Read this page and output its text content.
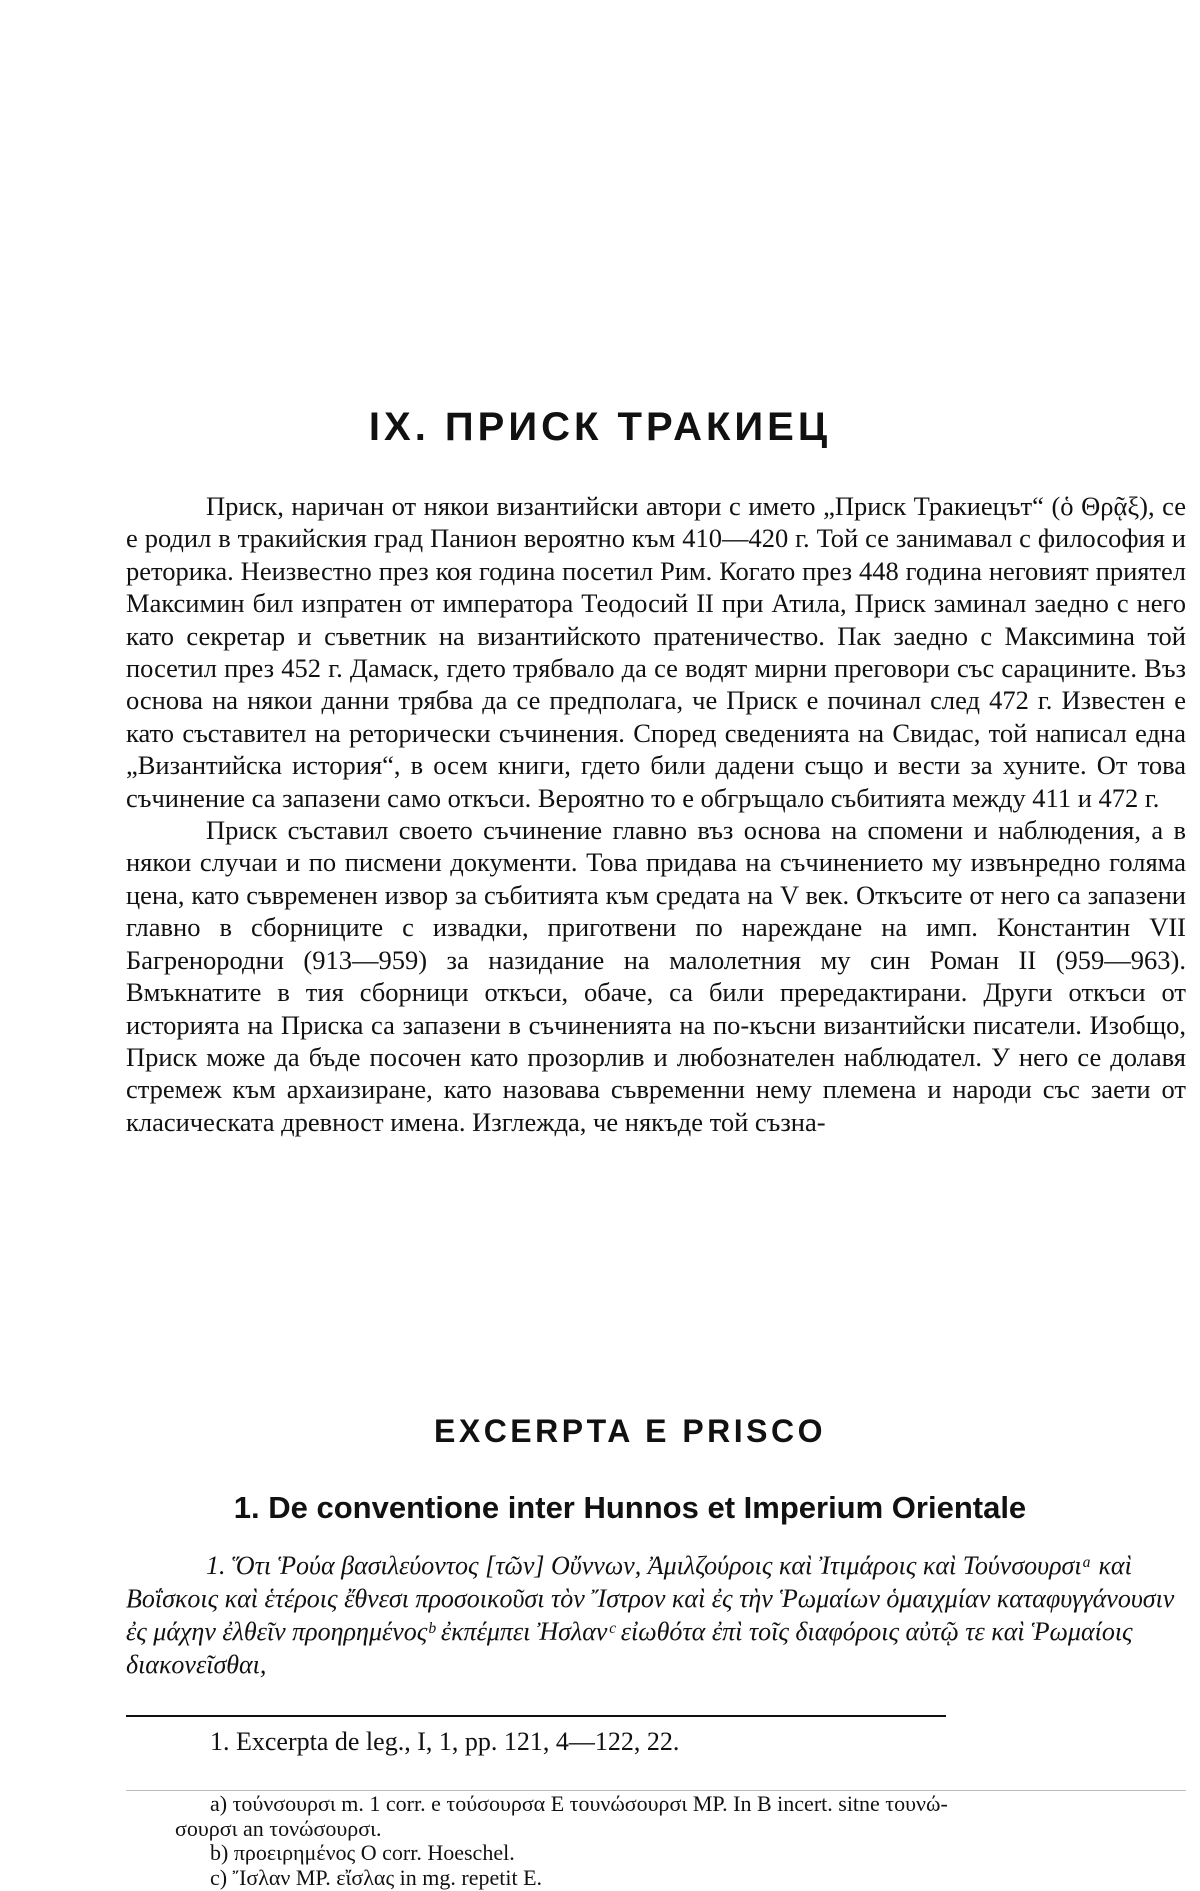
IX. ПРИСК ТРАКИЕЦ

Приск, наричан от някои византийски автори с името „Приск Тракиецът“ (ὁ Θρᾷξ), се е родил в тракийския град Панион вероятно към 410—420 г. Той се занимавал с философия и реторика. Неизвестно през коя година посетил Рим. Когато през 448 година неговият приятел Максимин бил изпратен от императора Теодосий II при Атила, Приск заминал заедно с него като секретар и съветник на византийското пратеничество. Пак заедно с Максимина той посетил през 452 г. Дамаск, гдето трябвало да се водят мирни преговори със сарацините. Въз основа на някои данни трябва да се предполага, че Приск е починал след 472 г. Известен е като съставител на реторически съчинения. Според сведенията на Свидас, той написал една „Византийска история“, в осем книги, гдето били дадени също и вести за хуните. От това съчинение са запазени само откъси. Вероятно то е обгръщало събитията между 411 и 472 г.

Приск съставил своето съчинение главно въз основа на спомени и наблюдения, а в някои случаи и по писмени документи. Това придава на съчинението му извънредно голяма цена, като съвременен извор за събитията към средата на V век. Откъсите от него са запазени главно в сборниците с извадки, приготвени по нареждане на имп. Константин VII Багренородни (913—959) за назидание на малолетния му син Роман II (959—963). Вмъкнатите в тия сборници откъси, обаче, са били прередактирани. Други откъси от историята на Приска са запазени в съчиненията на по-късни византийски писатели. Изобщо, Приск може да бъде посочен като прозорлив и любознателен наблюдател. У него се долавя стремеж към архаизиране, като назовава съвременни нему племена и народи със заети от класическата древност имена. Изглежда, че някъде той съзна-

EXCERPTA E PRISCO
1. De conventione inter Hunnos et Imperium Orientale

1. Ὅτι Ῥούα βασιλεύοντος [τῶν] Οὔννων, Ἀμιλζούροις καὶ Ἰτιμάροις καὶ Τούνσουρσιᵃ καὶ Βοΐσκοις καὶ ἑτέροις ἔθνεσι προσοικοῦσι τὸν Ἴστρον καὶ ἐς τὴν Ῥωμαίων ὁμαιχμίαν καταφυγγάνουσιν ἐς μάχην ἐλθεῖν προηρημένοςᵇ ἐκπέμπει Ἠσλανᶜ εἰωθότα ἐπὶ τοῖς διαφόροις αὐτῷ τε καὶ Ῥωμαίοις διακονεῖσθαι,

1. Excerpta de leg., I, 1, pp. 121, 4—122, 22.

a) τούνσουρσι m. 1 corr. e τούσουρσα E τουνώσουρσι MP. In B incert. sitne τουνώ-

σουρσι an τονώσουρσι.

b) προειρημένος O corr. Hoeschel.

c) Ἴσλαν MP. εἴσλας in mg. repetit E.
